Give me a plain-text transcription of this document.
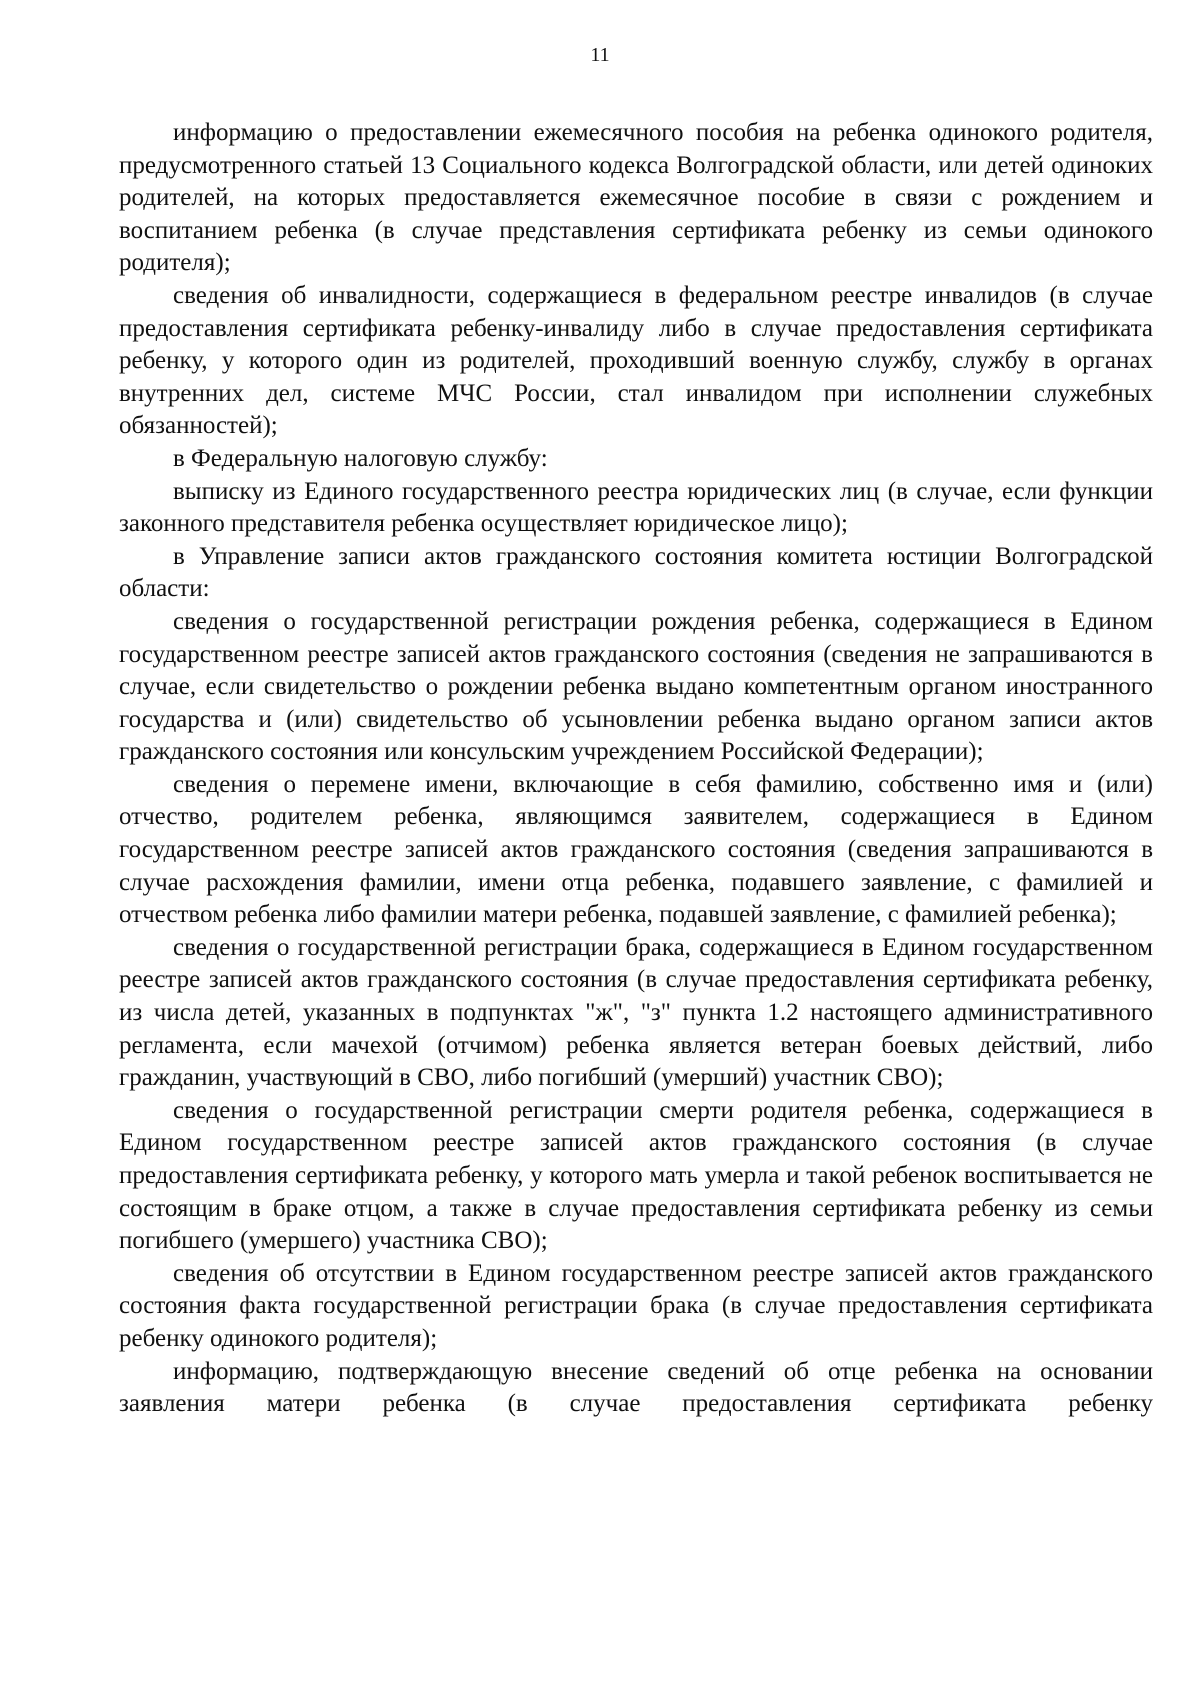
11

информацию о предоставлении ежемесячного пособия на ребенка одинокого родителя, предусмотренного статьей 13 Социального кодекса Волгоградской области, или детей одиноких родителей, на которых предоставляется ежемесячное пособие в связи с рождением и воспитанием ребенка (в случае представления сертификата ребенку из семьи одинокого родителя);

сведения об инвалидности, содержащиеся в федеральном реестре инвалидов (в случае предоставления сертификата ребенку-инвалиду либо в случае предоставления сертификата ребенку, у которого один из родителей, проходивший военную службу, службу в органах внутренних дел, системе МЧС России, стал инвалидом при исполнении служебных обязанностей);

в Федеральную налоговую службу:

выписку из Единого государственного реестра юридических лиц (в случае, если функции законного представителя ребенка осуществляет юридическое лицо);

в Управление записи актов гражданского состояния комитета юстиции Волгоградской области:

сведения о государственной регистрации рождения ребенка, содержащиеся в Едином государственном реестре записей актов гражданского состояния (сведения не запрашиваются в случае, если свидетельство о рождении ребенка выдано компетентным органом иностранного государства и (или) свидетельство об усыновлении ребенка выдано органом записи актов гражданского состояния или консульским учреждением Российской Федерации);

сведения о перемене имени, включающие в себя фамилию, собственно имя и (или) отчество, родителем ребенка, являющимся заявителем, содержащиеся в Едином государственном реестре записей актов гражданского состояния (сведения запрашиваются в случае расхождения фамилии, имени отца ребенка, подавшего заявление, с фамилией и отчеством ребенка либо фамилии матери ребенка, подавшей заявление, с фамилией ребенка);

сведения о государственной регистрации брака, содержащиеся в Едином государственном реестре записей актов гражданского состояния (в случае предоставления сертификата ребенку, из числа детей, указанных в подпунктах "ж", "з" пункта 1.2 настоящего административного регламента, если мачехой (отчимом) ребенка является ветеран боевых действий, либо гражданин, участвующий в СВО, либо погибший (умерший) участник СВО);

сведения о государственной регистрации смерти родителя ребенка, содержащиеся в Едином государственном реестре записей актов гражданского состояния (в случае предоставления сертификата ребенку, у которого мать умерла и такой ребенок воспитывается не состоящим в браке отцом, а также в случае предоставления сертификата ребенку из семьи погибшего (умершего) участника СВО);

сведения об отсутствии в Едином государственном реестре записей актов гражданского состояния факта государственной регистрации брака (в случае предоставления сертификата ребенку одинокого родителя);

информацию, подтверждающую внесение сведений об отце ребенка на основании заявления матери ребенка (в случае предоставления сертификата ребенку
